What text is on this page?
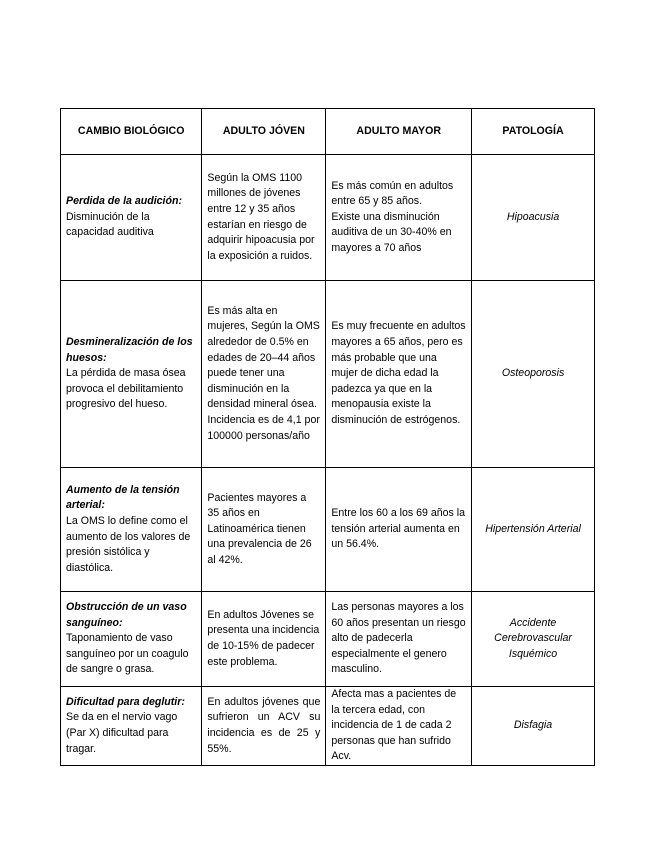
CAMBIO BIOLÓGICO	ADULTO JÓVEN	ADULTO MAYOR	PATOLOGÍA

Perdida de la audición:
Disminución de la capacidad auditiva	Según la OMS 1100 millones de jóvenes entre 12 y 35 años estarían en riesgo de adquirir hipoacusia por la exposición a ruidos.	Es más común en adultos entre 65 y 85 años.
Existe una disminución auditiva de un 30-40% en mayores a 70 años	Hipoacusia

Desmineralización de los huesos:
La pérdida de masa ósea provoca el debilitamiento progresivo del hueso.	Es más alta en mujeres, Según la OMS alrededor de 0.5% en edades de 20–44 años puede tener una disminución en la densidad mineral ósea.
Incidencia es de 4,1 por 100000 personas/año	Es muy frecuente en adultos mayores a 65 años, pero es más probable que una mujer de dicha edad la padezca ya que en la menopausia existe la disminución de estrógenos.	Osteoporosis

Aumento de la tensión arterial:
La OMS lo define como el aumento de los valores de presión sistólica y diastólica.	Pacientes mayores a 35 años en Latinoamérica tienen una prevalencia de 26 al 42%.	Entre los 60 a los 69 años la tensión arterial aumenta en un 56.4%.	Hipertensión Arterial

Obstrucción de un vaso sanguíneo:
Taponamiento de vaso sanguíneo por un coagulo de sangre o grasa.	En adultos Jóvenes se presenta una incidencia de 10-15% de padecer este problema.	Las personas mayores a los 60 años presentan un riesgo alto de padecerla especialmente el genero masculino.	Accidente Cerebrovascular Isquémico

Dificultad para deglutir:
Se da en el nervio vago (Par X) dificultad para tragar.	En adultos jóvenes que sufrieron un ACV su incidencia es de 25 y 55%.	Afecta mas a pacientes de la tercera edad, con incidencia de 1 de cada 2 personas que han sufrido Acv.	Disfagia
